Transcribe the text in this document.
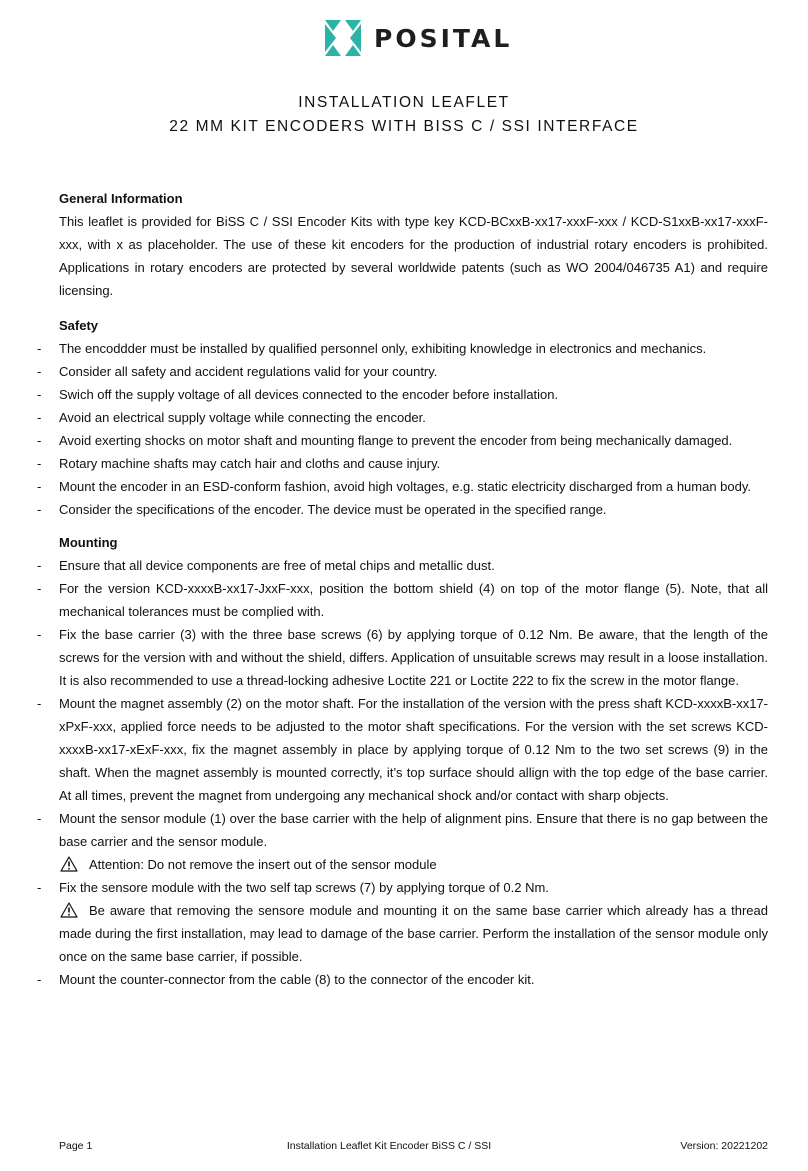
POSITAL
INSTALLATION LEAFLET
22 MM KIT ENCODERS WITH BISS C / SSI INTERFACE
General Information
This leaflet is provided for BiSS C / SSI Encoder Kits with type key KCD-BCxxB-xx17-xxxF-xxx / KCD-S1xxB-xx17-xxxF-xxx, with x as placeholder. The use of these kit encoders for the production of industrial rotary encoders is prohibited. Applications in rotary encoders are protected by several worldwide patents (such as WO 2004/046735 A1) and require licensing.
Safety
- The encoddder must be installed by qualified personnel only, exhibiting knowledge in electronics and mechanics.
- Consider all safety and accident regulations valid for your country.
- Swich off the supply voltage of all devices connected to the encoder before installation.
- Avoid an electrical supply voltage while connecting the encoder.
- Avoid exerting shocks on motor shaft and mounting flange to prevent the encoder from being mechanically damaged.
- Rotary machine shafts may catch hair and cloths and cause injury.
- Mount the encoder in an ESD-conform fashion, avoid high voltages, e.g. static electricity discharged from a human body.
- Consider the specifications of the encoder. The device must be operated in the specified range.
Mounting
- Ensure that all device components are free of metal chips and metallic dust.
- For the version KCD-xxxxB-xx17-JxxF-xxx, position the bottom shield (4) on top of the motor flange (5). Note, that all mechanical tolerances must be complied with.
- Fix the base carrier (3) with the three base screws (6) by applying torque of 0.12 Nm. Be aware, that the length of the screws for the version with and without the shield, differs. Application of unsuitable screws may result in a loose installation. It is also recommended to use a thread-locking adhesive Loctite 221 or Loctite 222 to fix the screw in the motor flange.
- Mount the magnet assembly (2) on the motor shaft. For the installation of the version with the press shaft KCD-xxxxB-xx17-xPxF-xxx, applied force needs to be adjusted to the motor shaft specifications. For the version with the set screws KCD-xxxxB-xx17-xExF-xxx, fix the magnet assembly in place by applying torque of 0.12 Nm to the two set screws (9) in the shaft. When the magnet assembly is mounted correctly, it’s top surface should allign with the top edge of the base carrier. At all times, prevent the magnet from undergoing any mechanical shock and/or contact with sharp objects.
- Mount the sensor module (1) over the base carrier with the help of alignment pins. Ensure that there is no gap between the base carrier and the sensor module.
Attention: Do not remove the insert out of the sensor module
- Fix the sensore module with the two self tap screws (7) by applying torque of 0.2 Nm.
Be aware that removing the sensore module and mounting it on the same base carrier which already has a thread made during the first installation, may lead to damage of the base carrier. Perform the installation of the sensor module only once on the same base carrier, if possible.
- Mount the counter-connector from the cable (8) to the connector of the encoder kit.
Page 1	Installation Leaflet Kit Encoder BiSS C / SSI	Version: 20221202
